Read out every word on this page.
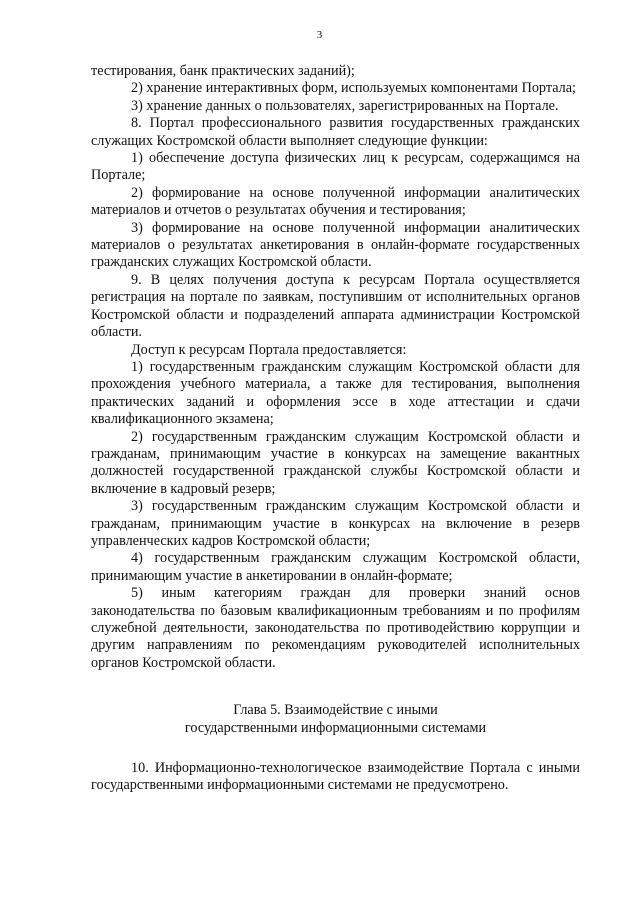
3

тестирования, банк практических заданий);

2) хранение интерактивных форм, используемых компонентами Портала;

3) хранение данных о пользователях, зарегистрированных на Портале.

8. Портал профессионального развития государственных гражданских служащих Костромской области выполняет следующие функции:

1) обеспечение доступа физических лиц к ресурсам, содержащимся на Портале;

2) формирование на основе полученной информации аналитических материалов и отчетов о результатах обучения и тестирования;

3) формирование на основе полученной информации аналитических материалов о результатах анкетирования в онлайн-формате государственных гражданских служащих Костромской области.

9. В целях получения доступа к ресурсам Портала осуществляется регистрация на портале по заявкам, поступившим от исполнительных органов Костромской области и подразделений аппарата администрации Костромской области.

Доступ к ресурсам Портала предоставляется:

1) государственным гражданским служащим Костромской области для прохождения учебного материала, а также для тестирования, выполнения практических заданий и оформления эссе в ходе аттестации и сдачи квалификационного экзамена;

2) государственным гражданским служащим Костромской области и гражданам, принимающим участие в конкурсах на замещение вакантных должностей государственной гражданской службы Костромской области и включение в кадровый резерв;

3) государственным гражданским служащим Костромской области и гражданам, принимающим участие в конкурсах на включение в резерв управленческих кадров Костромской области;

4) государственным гражданским служащим Костромской области, принимающим участие в анкетировании в онлайн-формате;

5) иным категориям граждан для проверки знаний основ законодательства по базовым квалификационным требованиям и по профилям служебной деятельности, законодательства по противодействию коррупции и другим направлениям по рекомендациям руководителей исполнительных органов Костромской области.

Глава 5. Взаимодействие с иными
государственными информационными системами

10. Информационно-технологическое взаимодействие Портала с иными государственными информационными системами не предусмотрено.
